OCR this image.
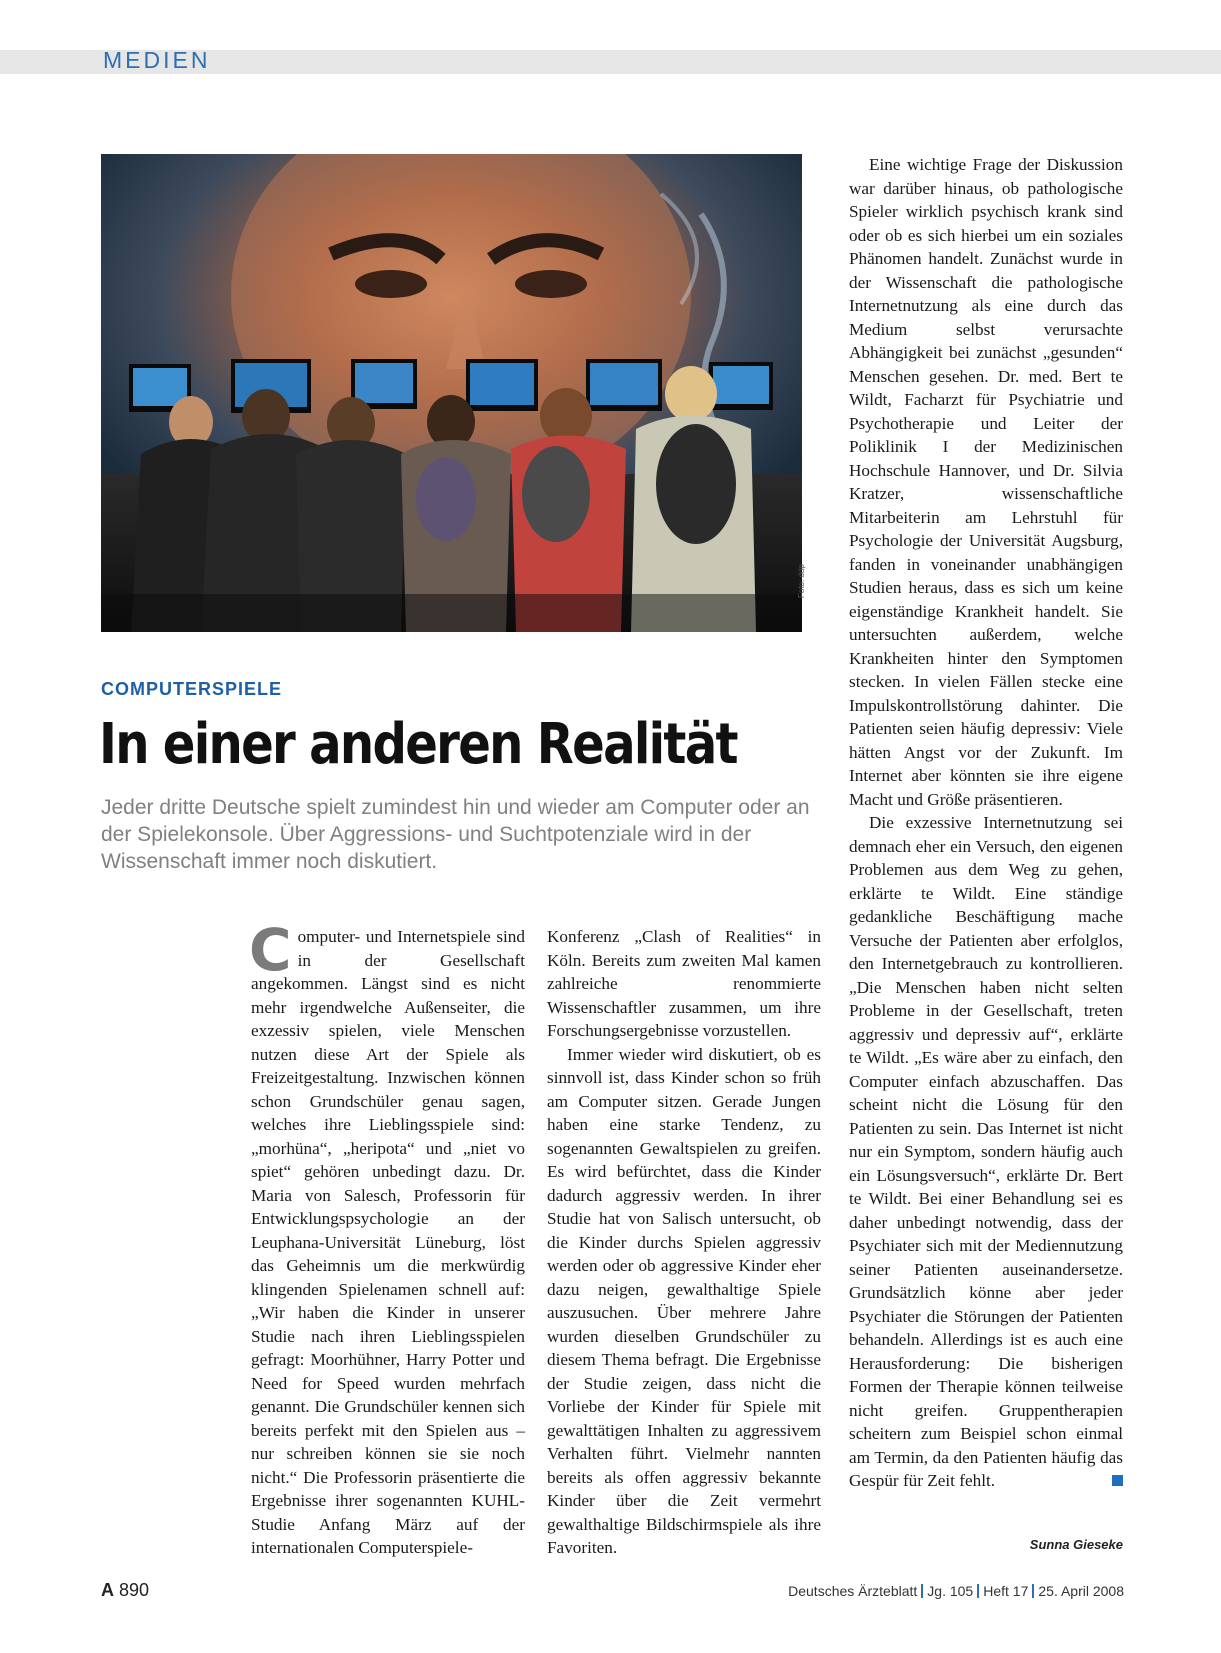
MEDIEN
Foto: ddp
COMPUTERSPIELE
In einer anderen Realität
Jeder dritte Deutsche spielt zumindest hin und wieder am Computer oder an der Spielekonsole. Über Aggressions- und Suchtpotenziale wird in der Wissenschaft immer noch diskutiert.
C omputer- und Internetspiele sind in der Gesellschaft angekommen. Längst sind es nicht mehr irgendwelche Außenseiter, die exzessiv spielen, viele Menschen nutzen diese Art der Spiele als Freizeitgestaltung. Inzwischen können schon Grundschüler genau sagen, welches ihre Lieblingsspiele sind: „morhüna“, „heripota“ und „niet vo spiet“ gehören unbedingt dazu. Dr. Maria von Salesch, Professorin für Entwicklungspsychologie an der Leuphana-Universität Lüneburg, löst das Geheimnis um die merkwürdig klingenden Spielenamen schnell auf: „Wir haben die Kinder in unserer Studie nach ihren Lieblingsspielen gefragt: Moorhühner, Harry Potter und Need for Speed wurden mehrfach genannt. Die Grundschüler kennen sich bereits perfekt mit den Spielen aus – nur schreiben können sie sie noch nicht.“ Die Professorin präsentierte die Ergebnisse ihrer sogenannten KUHL-Studie Anfang März auf der internationalen Computerspiele-

Konferenz „Clash of Realities“ in Köln. Bereits zum zweiten Mal kamen zahlreiche renommierte Wissenschaftler zusammen, um ihre Forschungsergebnisse vorzustellen.

Immer wieder wird diskutiert, ob es sinnvoll ist, dass Kinder schon so früh am Computer sitzen. Gerade Jungen haben eine starke Tendenz, zu sogenannten Gewaltspielen zu greifen. Es wird befürchtet, dass die Kinder dadurch aggressiv werden. In ihrer Studie hat von Salisch untersucht, ob die Kinder durchs Spielen aggressiv werden oder ob aggressive Kinder eher dazu neigen, gewalthaltige Spiele auszusuchen. Über mehrere Jahre wurden dieselben Grundschüler zu diesem Thema befragt. Die Ergebnisse der Studie zeigen, dass nicht die Vorliebe der Kinder für Spiele mit gewalttätigen Inhalten zu aggressivem Verhalten führt. Vielmehr nannten bereits als offen aggressiv bekannte Kinder über die Zeit vermehrt gewalthaltige Bildschirmspiele als ihre Favoriten.

Eine wichtige Frage der Diskussion war darüber hinaus, ob pathologische Spieler wirklich psychisch krank sind oder ob es sich hierbei um ein soziales Phänomen handelt. Zunächst wurde in der Wissenschaft die pathologische Internetnutzung als eine durch das Medium selbst verursachte Abhängigkeit bei zunächst „gesunden“ Menschen gesehen. Dr. med. Bert te Wildt, Facharzt für Psychiatrie und Psychotherapie und Leiter der Poliklinik I der Medizinischen Hochschule Hannover, und Dr. Silvia Kratzer, wissenschaftliche Mitarbeiterin am Lehrstuhl für Psychologie der Universität Augsburg, fanden in voneinander unabhängigen Studien heraus, dass es sich um keine eigenständige Krankheit handelt. Sie untersuchten außerdem, welche Krankheiten hinter den Symptomen stecken. In vielen Fällen stecke eine Impulskontrollstörung dahinter. Die Patienten seien häufig depressiv: Viele hätten Angst vor der Zukunft. Im Internet aber könnten sie ihre eigene Macht und Größe präsentieren.

Die exzessive Internetnutzung sei demnach eher ein Versuch, den eigenen Problemen aus dem Weg zu gehen, erklärte te Wildt. Eine ständige gedankliche Beschäftigung mache Versuche der Patienten aber erfolglos, den Internetgebrauch zu kontrollieren. „Die Menschen haben nicht selten Probleme in der Gesellschaft, treten aggressiv und depressiv auf“, erklärte te Wildt. „Es wäre aber zu einfach, den Computer einfach abzuschaffen. Das scheint nicht die Lösung für den Patienten zu sein. Das Internet ist nicht nur ein Symptom, sondern häufig auch ein Lösungsversuch“, erklärte Dr. Bert te Wildt. Bei einer Behandlung sei es daher unbedingt notwendig, dass der Psychiater sich mit der Mediennutzung seiner Patienten auseinandersetze. Grundsätzlich könne aber jeder Psychiater die Störungen der Patienten behandeln. Allerdings ist es auch eine Herausforderung: Die bisherigen Formen der Therapie können teilweise nicht greifen. Gruppentherapien scheitern zum Beispiel schon einmal am Termin, da den Patienten häufig das Gespür für Zeit fehlt.

Sunna Gieseke
A 890	Deutsches Ärzteblatt Jg. 105 Heft 17 25. April 2008
